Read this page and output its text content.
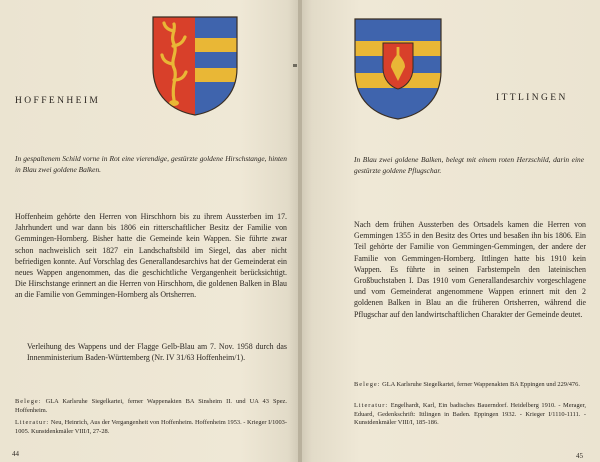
HOFFENHEIM
In gespaltenem Schild vorne in Rot eine vierendige, gestürzte goldene Hirschstange, hinten in Blau zwei goldene Balken.

Hoffenheim gehörte den Herren von Hirschhorn bis zu ihrem Aussterben im 17. Jahrhundert und war dann bis 1806 ein ritterschaftlicher Besitz der Familie von Gemmingen-Hornberg. Bisher hatte die Gemeinde kein Wappen. Sie führte zwar schon nachweislich seit 1827 ein Landschaftsbild im Siegel, das aber nicht befriedigen konnte. Auf Vorschlag des Generallandesarchivs hat der Gemeinderat ein neues Wappen angenommen, das die geschichtliche Vergangenheit berücksichtigt. Die Hirschstange erinnert an die Herren von Hirschhorn, die goldenen Balken in Blau an die Familie von Gemmingen-Hornberg als Ortsherren.

Verleihung des Wappens und der Flagge Gelb-Blau am 7. Nov. 1958 durch das Innenministerium Baden-Württemberg (Nr. IV 31/63 Hoffenheim/1).

Belege: GLA Karlsruhe Siegelkartei, ferner Wappenakten BA Sinsheim II. und UA 43 Spez. Hoffenheim.

Literatur: Neu, Heinrich, Aus der Vergangenheit von Hoffenheim. Hoffenheim 1953. - Krieger I/1003-1005. Kunstdenkmäler VIII/I, 27-28.

44
ITTLINGEN
In Blau zwei goldene Balken, belegt mit einem roten Herzschild, darin eine gestürzte goldene Pflugschar.

Nach dem frühen Aussterben des Ortsadels kamen die Herren von Gemmingen 1355 in den Besitz des Ortes und besaßen ihn bis 1806. Ein Teil gehörte der Familie von Gemmingen-Gemmingen, der andere der Familie von Gemmingen-Hornberg. Ittlingen hatte bis 1910 kein Wappen. Es führte in seinen Farbstempeln den lateinischen Großbuchstaben I. Das 1910 vom Generallandesarchiv vorgeschlagene und vom Gemeinderat angenommene Wappen erinnert mit den 2 goldenen Balken in Blau an die früheren Ortsherren, während die Pflugschar auf den landwirtschaftlichen Charakter der Gemeinde deutet.

Belege: GLA Karlsruhe Siegelkartei, ferner Wappenakten BA Eppingen und 229/476.

Literatur: Engelhardt, Karl, Ein badisches Bauerndorf. Heidelberg 1910. - Merager, Eduard, Gedenkschrift: Ittlingen in Baden. Eppingen 1932. - Krieger I/1110-1111. - Kunstdenkmäler VIII/I, 185-186.

45
